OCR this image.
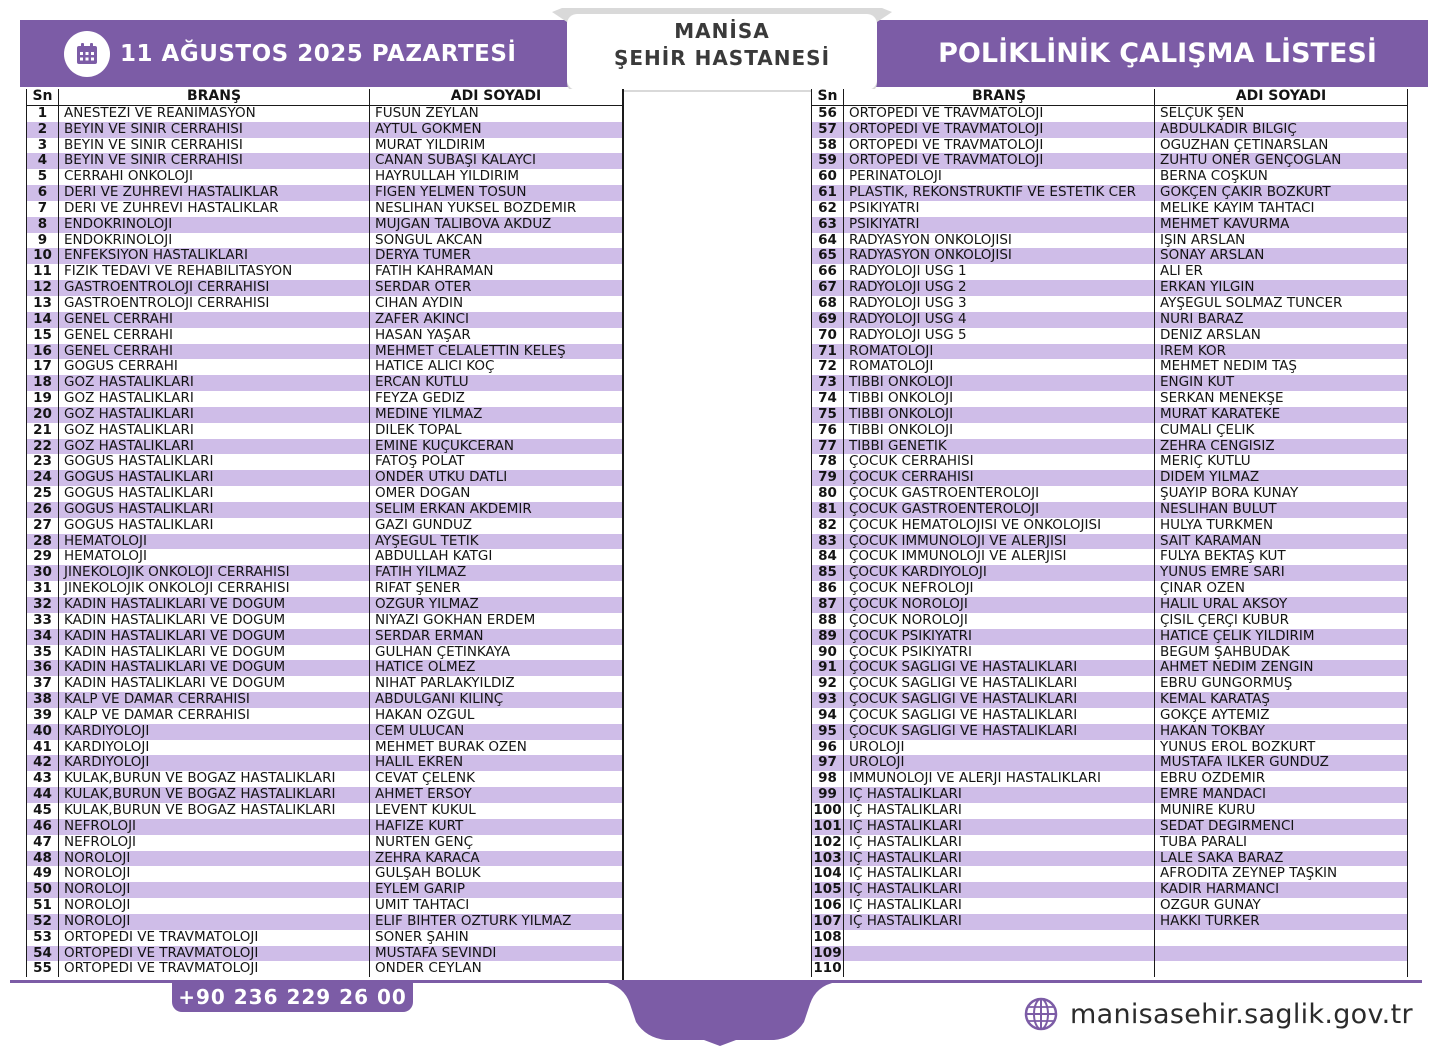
11 AĞUSTOS 2025 PAZARTESİ
MANİSA
ŞEHİR HASTANESİ	POLİKLİNİK ÇALIŞMA LİSTESİ
Sn	BRANŞ	ADI SOYADI
1	ANESTEZİ VE REANİMASYON	FÜSUN ZEYLAN
2	BEYİN VE SİNİR CERRAHİSİ	AYTÜL GÖKMEN
3	BEYİN VE SİNİR CERRAHİSİ	MURAT YILDIRIM
4	BEYİN VE SİNİR CERRAHİSİ	CANAN SUBAŞI KALAYCI
5	CERRAHİ ONKOLOJİ	HAYRULLAH YILDIRIM
6	DERİ VE ZÜHREVİ HASTALIKLAR	FİGEN YELMEN TOSUN
7	DERİ VE ZÜHREVİ HASTALIKLAR	NESLİHAN YÜKSEL BOZDEMİR
8	ENDOKRİNOLOJİ	MÜJGAN TALIBOVA AKDÜZ
9	ENDOKRİNOLOJİ	SONGÜL AKCAN
10	ENFEKSİYON HASTALIKLARI	DERYA TÜMER
11	FİZİK TEDAVİ VE REHABİLİTASYON	FATİH KAHRAMAN
12	GASTROENTROLOJİ CERRAHİSİ	SERDAR ÖTER
13	GASTROENTROLOJİ CERRAHİSİ	CİHAN AYDIN
14	GENEL CERRAHİ	ZAFER AKINCI
15	GENEL CERRAHİ	HASAN YAŞAR
16	GENEL CERRAHİ	MEHMET CELALETTİN KELEŞ
17	GÖGÜS CERRAHİ	HATİCE ALICI KOÇ
18	GÖZ HASTALIKLARI	ERCAN KUTLU
19	GÖZ HASTALIKLARI	FEYZA GEDİZ
20	GÖZ HASTALIKLARI	MEDİNE YILMAZ
21	GÖZ HASTALIKLARI	DİLEK TOPAL
22	GÖZ HASTALIKLARI	EMİNE KÜÇÜKCERAN
23	GÖĞÜS HASTALIKLARI	FATOŞ POLAT
24	GÖĞÜS HASTALIKLARI	ÖNDER UTKU DATLI
25	GÖĞÜS HASTALIKLARI	ÖMER DOĞAN
26	GÖĞÜS HASTALIKLARI	SELİM ERKAN AKDEMİR
27	GÖĞÜS HASTALIKLARI	GAZİ GÜNDÜZ
28	HEMATOLOJİ	AYŞEGÜL TETİK
29	HEMATOLOJİ	ABDULLAH KATGI
30	JİNEKOLOJİK ONKOLOJİ CERRAHISI	FATİH YILMAZ
31	JİNEKOLOJİK ONKOLOJİ CERRAHISI	RIFAT ŞENER
32	KADIN HASTALIKLARI VE DOĞUM	ÖZGÜR YILMAZ
33	KADIN HASTALIKLARI VE DOĞUM	NİYAZİ GÖKHAN ERDEM
34	KADIN HASTALIKLARI VE DOĞUM	SERDAR ERMAN
35	KADIN HASTALIKLARI VE DOĞUM	GÜLHAN ÇETİNKAYA
36	KADIN HASTALIKLARI VE DOĞUM	HATİCE ÖLMEZ
37	KADIN HASTALIKLARI VE DOĞUM	NİHAT PARLAKYILDIZ
38	KALP VE DAMAR CERRAHİSİ	ABDULGANİ KILINÇ
39	KALP VE DAMAR CERRAHİSİ	HAKAN ÖZGÜL
40	KARDİYOLOJİ	CEM ULUCAN
41	KARDİYOLOJİ	MEHMET BURAK ÖZEN
42	KARDİYOLOJİ	HALİL EKREN
43	KULAK,BURUN VE BOĞAZ HASTALIKLARI	CEVAT ÇELENK
44	KULAK,BURUN VE BOĞAZ HASTALIKLARI	AHMET ERSOY
45	KULAK,BURUN VE BOĞAZ HASTALIKLARI	LEVENT KUKUL
46	NEFROLOJİ	HAFİZE KURT
47	NEFROLOJİ	NURTEN GENÇ
48	NÖROLOJİ	ZEHRA KARACA
49	NÖROLOJİ	GÜLŞAH BÖLÜK
50	NÖROLOJİ	EYLEM GARİP
51	NÖROLOJİ	ÜMİT TAHTACI
52	NÖROLOJİ	ELİF BİHTER ÖZTÜRK YILMAZ
53	ORTOPEDİ VE TRAVMATOLOJİ	SONER ŞAHİN
54	ORTOPEDİ VE TRAVMATOLOJİ	MUSTAFA SEVİNDİ
55	ORTOPEDİ VE TRAVMATOLOJİ	ÖNDER CEYLAN
Sn	BRANŞ	ADI SOYADI
56	ORTOPEDİ VE TRAVMATOLOJİ	SELÇUK ŞEN
57	ORTOPEDİ VE TRAVMATOLOJİ	ABDÜLKADİR BİLGİÇ
58	ORTOPEDİ VE TRAVMATOLOJİ	OĞUZHAN ÇETİNARSLAN
59	ORTOPEDİ VE TRAVMATOLOJİ	ZÜHTÜ ÖNER GENÇOĞLAN
60	PERİNATOLOJİ	BERNA COŞKUN
61	PLASTİK, REKONSTRÜKTİF VE ESTETİK CER	GÖKÇEN ÇAKIR BOZKURT
62	PSİKİYATRİ	MELİKE KAYIM TAHTACI
63	PSİKİYATRİ	MEHMET KAVURMA
64	RADYASYON ONKOLOJİSİ	IŞIN ARSLAN
65	RADYASYON ONKOLOJİSİ	SONAY ARSLAN
66	RADYOLOJİ USG 1	ALİ ER
67	RADYOLOJİ USG 2	ERKAN YILGIN
68	RADYOLOJİ USG 3	AYŞEGÜL SOLMAZ TUNCER
69	RADYOLOJİ USG 4	NURİ BARAZ
70	RADYOLOJİ USG 5	DENİZ ARSLAN
71	ROMATOLOJİ	İREM KOR
72	ROMATOLOJİ	MEHMET NEDİM TAŞ
73	TIBBİ ONKOLOJİ	ENGİN KUT
74	TIBBİ ONKOLOJİ	SERKAN MENEKŞE
75	TIBBİ ONKOLOJİ	MURAT KARATEKE
76	TIBBİ ONKOLOJİ	CUMALİ ÇELİK
77	TIBBİ GENETİK	ZEHRA CENGİSİZ
78	ÇOCUK CERRAHİSİ	MERİÇ KUTLU
79	ÇOCUK CERRAHİSİ	DİDEM YILMAZ
80	ÇOCUK GASTROENTEROLOJİ	ŞUAYİP BORA KUNAY
81	ÇOCUK GASTROENTEROLOJİ	NESLİHAN BULUT
82	ÇOCUK HEMATOLOJİSİ VE ONKOLOJİSİ	HÜLYA TÜRKMEN
83	ÇOCUK İMMUNOLOJİ VE ALERJİSİ	SAİT KARAMAN
84	ÇOCUK İMMUNOLOJİ VE ALERJİSİ	FULYA BEKTAŞ KUT
85	ÇOCUK KARDİYOLOJİ	YUNUS EMRE SARI
86	ÇOCUK NEFROLOJİ	ÇINAR ÖZEN
87	ÇOCUK NÖROLOJİ	HALİL URAL AKSOY
88	ÇOCUK NÖROLOJİ	ÇİSİL ÇERÇİ KUBUR
89	ÇOCUK PSİKİYATRİ	HATİCE ÇELİK YILDIRIM
90	ÇOCUK PSİKİYATRİ	BEGÜM ŞAHBUDAK
91	ÇOCUK SAĞLIĞI VE HASTALIKLARI	AHMET NEDİM ZENGİN
92	ÇOCUK SAĞLIĞI VE HASTALIKLARI	EBRU GÜNGÖRMÜŞ
93	ÇOCUK SAĞLIĞI VE HASTALIKLARI	KEMAL KARATAŞ
94	ÇOCUK SAĞLIĞI VE HASTALIKLARI	GÖKÇE AYTEMİZ
95	ÇOCUK SAĞLIĞI VE HASTALIKLARI	HAKAN TOKBAY
96	ÜROLOJİ	YUNUS EROL BOZKURT
97	ÜROLOJİ	MUSTAFA İLKER GÜNDÜZ
98	İMMÜNOLOJİ VE ALERJİ HASTALIKLARI	EBRU ÖZDEMİR
99	İÇ HASTALIKLARI	EMRE MANDACI
100	İÇ HASTALIKLARI	MÜNİRE KURU
101	İÇ HASTALIKLARI	SEDAT DEĞİRMENCİ
102	İÇ HASTALIKLARI	TUBA PARALI
103	İÇ HASTALIKLARI	LALE SAKA BARAZ
104	İÇ HASTALIKLARI	AFRODİTA ZEYNEP TAŞKIN
105	İÇ HASTALIKLARI	KADİR HARMANCI
106	İÇ HASTALIKLARI	ÖZGÜR GÜNAY
107	İÇ HASTALIKLARI	HAKKI TÜRKER
108		
109		
110		
+90 236 229 26 00
manisasehir.saglik.gov.tr
